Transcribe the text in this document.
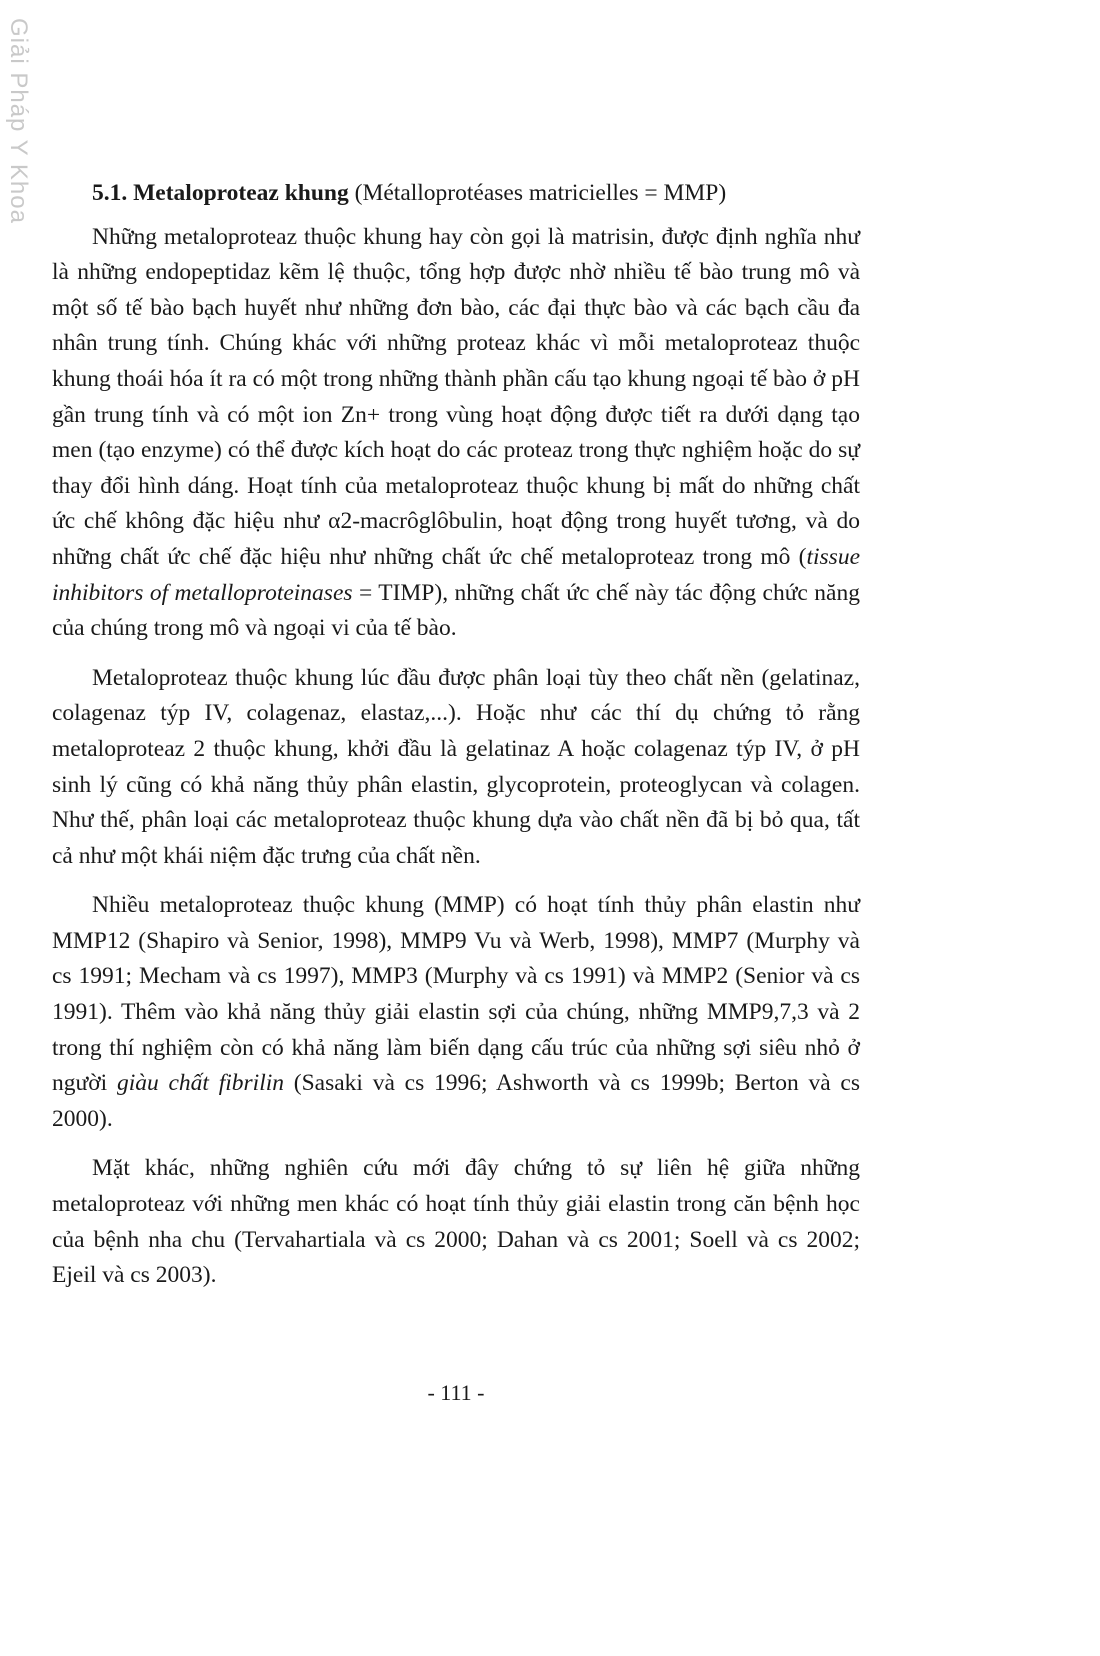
Giải Pháp Y Khoa	5.1. Metaloproteaz khung (Métalloprotéases matricielles = MMP)

Những metaloproteaz thuộc khung hay còn gọi là matrisin, được định nghĩa như là những endopeptidaz kẽm lệ thuộc, tổng hợp được nhờ nhiều tế bào trung mô và một số tế bào bạch huyết như những đơn bào, các đại thực bào và các bạch cầu đa nhân trung tính. Chúng khác với những proteaz khác vì mỗi metaloproteaz thuộc khung thoái hóa ít ra có một trong những thành phần cấu tạo khung ngoại tế bào ở pH gần trung tính và có một ion Zn+ trong vùng hoạt động được tiết ra dưới dạng tạo men (tạo enzyme) có thể được kích hoạt do các proteaz trong thực nghiệm hoặc do sự thay đổi hình dáng. Hoạt tính của metaloproteaz thuộc khung bị mất do những chất ức chế không đặc hiệu như α2-macrôglôbulin, hoạt động trong huyết tương, và do những chất ức chế đặc hiệu như những chất ức chế metaloproteaz trong mô (tissue inhibitors of metalloproteinases = TIMP), những chất ức chế này tác động chức năng của chúng trong mô và ngoại vi của tế bào.

Metaloproteaz thuộc khung lúc đầu được phân loại tùy theo chất nền (gelatinaz, colagenaz týp IV, colagenaz, elastaz,...). Hoặc như các thí dụ chứng tỏ rằng metaloproteaz 2 thuộc khung, khởi đầu là gelatinaz A hoặc colagenaz týp IV, ở pH sinh lý cũng có khả năng thủy phân elastin, glycoprotein, proteoglycan và colagen. Như thế, phân loại các metaloproteaz thuộc khung dựa vào chất nền đã bị bỏ qua, tất cả như một khái niệm đặc trưng của chất nền.

Nhiều metaloproteaz thuộc khung (MMP) có hoạt tính thủy phân elastin như MMP12 (Shapiro và Senior, 1998), MMP9 Vu và Werb, 1998), MMP7 (Murphy và cs 1991; Mecham và cs 1997), MMP3 (Murphy và cs 1991) và MMP2 (Senior và cs 1991). Thêm vào khả năng thủy giải elastin sợi của chúng, những MMP9,7,3 và 2 trong thí nghiệm còn có khả năng làm biến dạng cấu trúc của những sợi siêu nhỏ ở người giàu chất fibrilin (Sasaki và cs 1996; Ashworth và cs 1999b; Berton và cs 2000).

Mặt khác, những nghiên cứu mới đây chứng tỏ sự liên hệ giữa những metaloproteaz với những men khác có hoạt tính thủy giải elastin trong căn bệnh học của bệnh nha chu (Tervahartiala và cs 2000; Dahan và cs 2001; Soell và cs 2002; Ejeil và cs 2003).

- 111 -
